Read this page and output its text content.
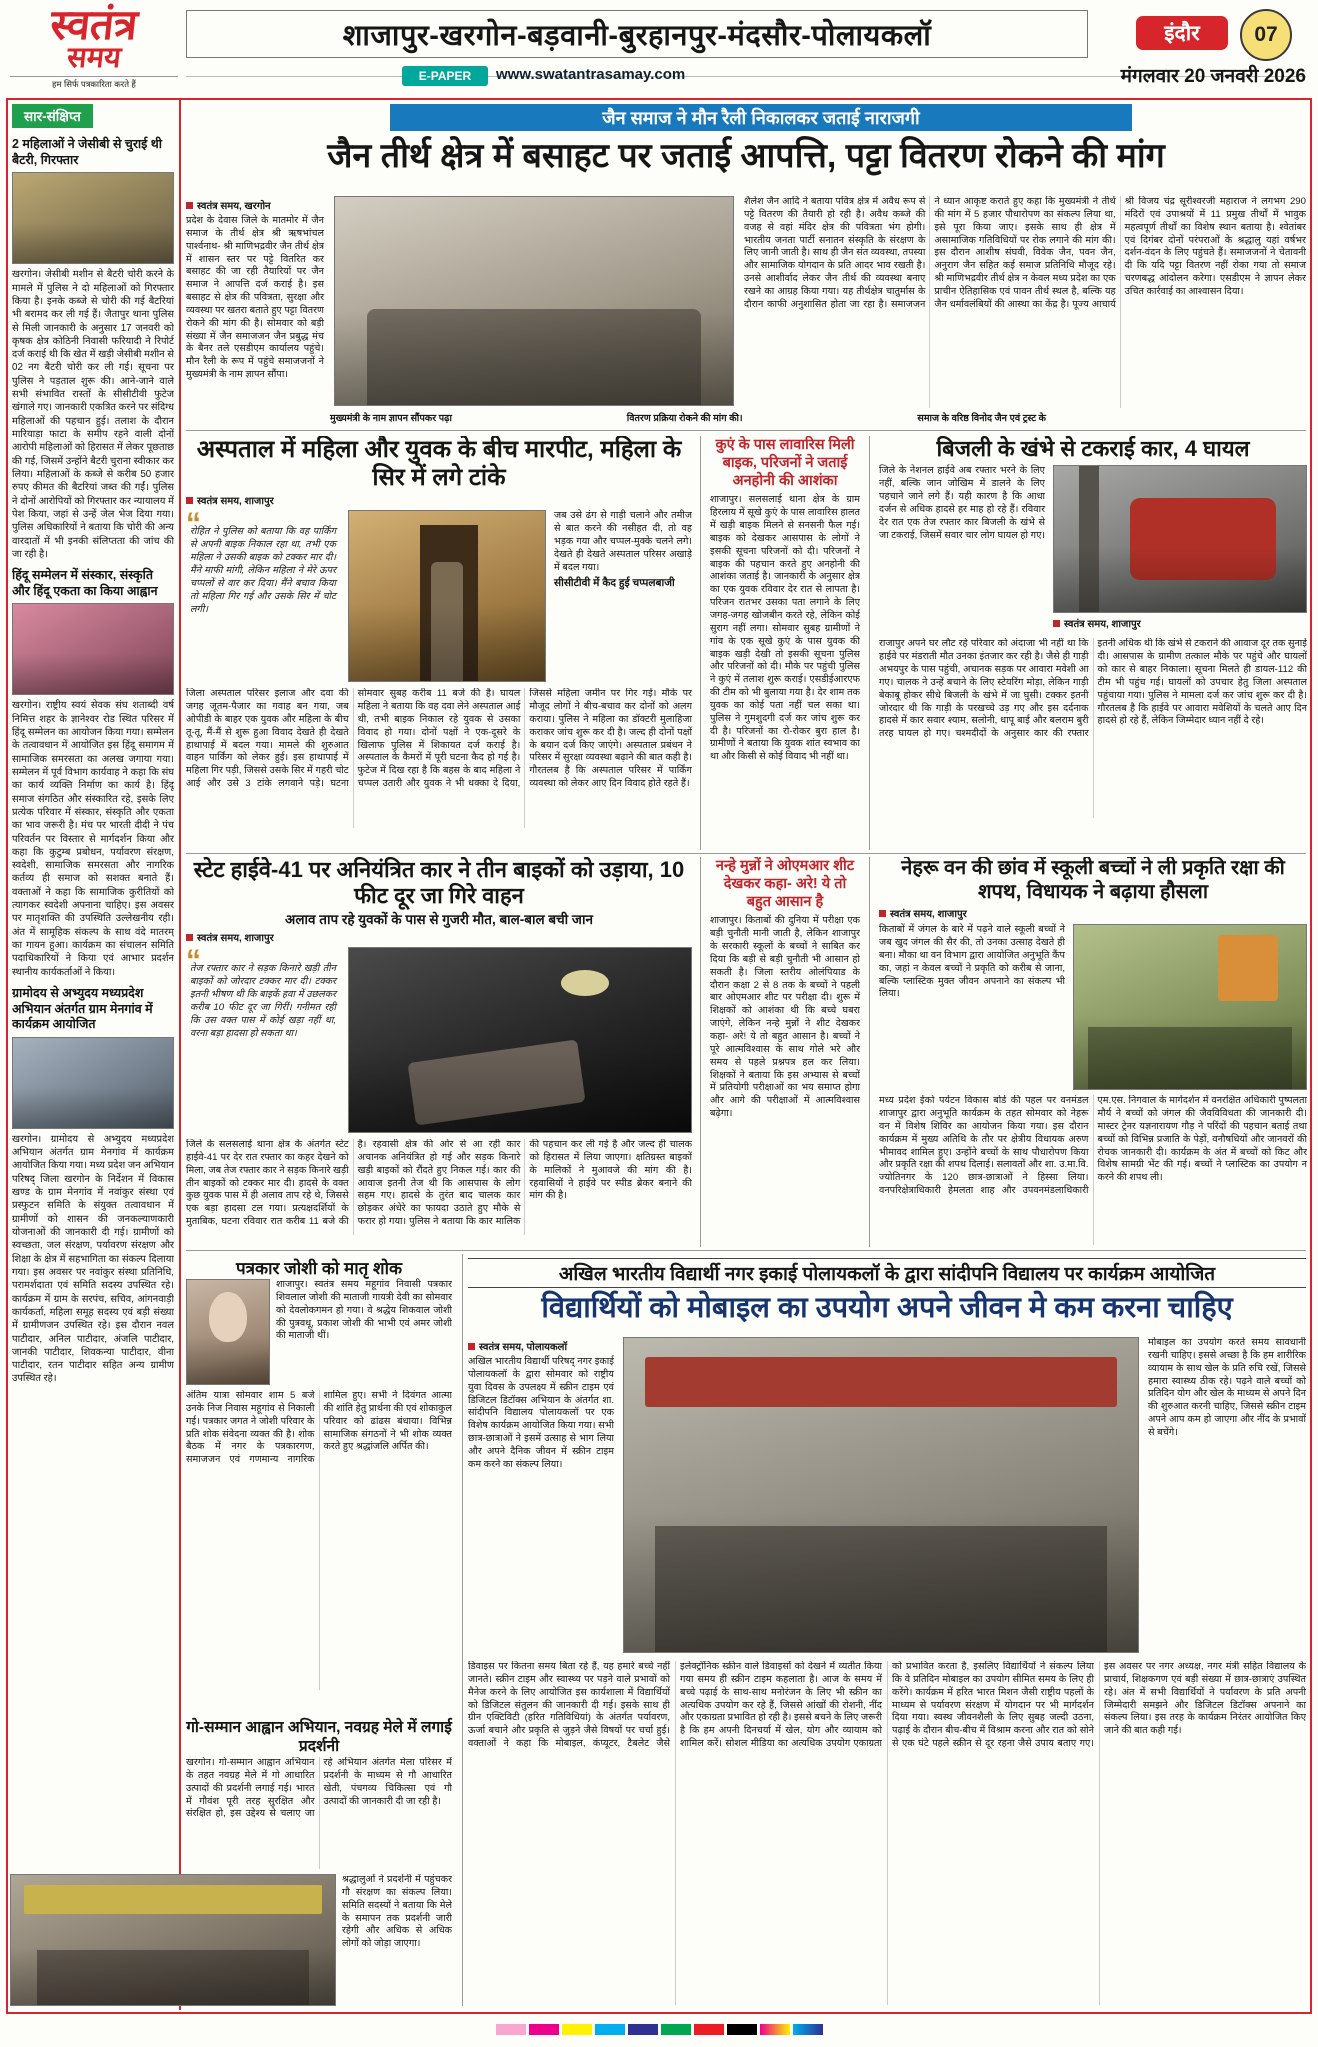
स्वतंत्र
समय
हम सिर्फ पत्रकारिता करते हैं
शाजापुर-खरगोन-बड़वानी-बुरहानपुर-मंदसौर-पोलायकलॉ	इंदौर	07
E-PAPER	www.swatantrasamay.com	मंगलवार 20 जनवरी 2026
सार-संक्षिप्त
2 महिलाओं ने जेसीबी से चुराई थी बैटरी, गिरफ्तार
खरगोन। जेसीबी मशीन से बैटरी चोरी करने के मामले में पुलिस ने दो महिलाओं को गिरफ्तार किया है। इनके कब्जे से चोरी की गई बैटरियां भी बरामद कर ली गई हैं। जैतापुर थाना पुलिस से मिली जानकारी के अनुसार 17 जनवरी को कृषक क्षेत्र कोठिनी निवासी फरियादी ने रिपोर्ट दर्ज कराई थी कि खेत में खड़ी जेसीबी मशीन से 02 नग बैटरी चोरी कर ली गई। सूचना पर पुलिस ने पड़ताल शुरू की। आने-जाने वाले सभी संभावित रास्तों के सीसीटीवी फुटेज खंगाले गए। जानकारी एकत्रित करने पर संदिग्ध महिलाओं की पहचान हुई। तलाश के दौरान मारियाड़ा फाटा के समीप रहने वाली दोनों आरोपी महिलाओं को हिरासत में लेकर पूछताछ की गई, जिसमें उन्होंने बैटरी चुराना स्वीकार कर लिया। महिलाओं के कब्जे से करीब 50 हजार रुपए कीमत की बैटरियां जब्त की गईं। पुलिस ने दोनों आरोपियों को गिरफ्तार कर न्यायालय में पेश किया, जहां से उन्हें जेल भेज दिया गया। पुलिस अधिकारियों ने बताया कि चोरी की अन्य वारदातों में भी इनकी संलिप्तता की जांच की जा रही है।
हिंदू सम्मेलन में संस्कार, संस्कृति और हिंदू एकता का किया आह्वान
खरगोन। राष्ट्रीय स्वयं सेवक संघ शताब्दी वर्ष निमित्त शहर के ज्ञानेश्वर रोड स्थित परिसर में हिंदू सम्मेलन का आयोजन किया गया। सम्मेलन के तत्वावधान में आयोजित इस हिंदू समागम में सामाजिक समरसता का अलख जगाया गया। सम्मेलन में पूर्व विभाग कार्यवाह ने कहा कि संघ का कार्य व्यक्ति निर्माण का कार्य है। हिंदू समाज संगठित और संस्कारित रहे, इसके लिए प्रत्येक परिवार में संस्कार, संस्कृति और एकता का भाव जरूरी है। मंच पर भारती दीदी ने पंच परिवर्तन पर विस्तार से मार्गदर्शन किया और कहा कि कुटुम्ब प्रबोधन, पर्यावरण संरक्षण, स्वदेशी, सामाजिक समरसता और नागरिक कर्तव्य ही समाज को सशक्त बनाते हैं। वक्ताओं ने कहा कि सामाजिक कुरीतियों को त्यागकर स्वदेशी अपनाना चाहिए। इस अवसर पर मातृशक्ति की उपस्थिति उल्लेखनीय रही। अंत में सामूहिक संकल्प के साथ वंदे मातरम् का गायन हुआ। कार्यक्रम का संचालन समिति पदाधिकारियों ने किया एवं आभार प्रदर्शन स्थानीय कार्यकर्ताओं ने किया।
ग्रामोदय से अभ्युदय मध्यप्रदेश अभियान अंतर्गत ग्राम मेनगांव में कार्यक्रम आयोजित
खरगोन। ग्रामोदय से अभ्युदय मध्यप्रदेश अभियान अंतर्गत ग्राम मेनगांव में कार्यक्रम आयोजित किया गया। मध्य प्रदेश जन अभियान परिषद् जिला खरगोन के निर्देशन में विकास खण्ड के ग्राम मेनगांव में नवांकुर संस्था एवं प्रस्फुटन समिति के संयुक्त तत्वावधान में ग्रामीणों को शासन की जनकल्याणकारी योजनाओं की जानकारी दी गई। ग्रामीणों को स्वच्छता, जल संरक्षण, पर्यावरण संरक्षण और शिक्षा के क्षेत्र में सहभागिता का संकल्प दिलाया गया। इस अवसर पर नवांकुर संस्था प्रतिनिधि, परामर्शदाता एवं समिति सदस्य उपस्थित रहे। कार्यक्रम में ग्राम के सरपंच, सचिव, आंगनवाड़ी कार्यकर्ता, महिला समूह सदस्य एवं बड़ी संख्या में ग्रामीणजन उपस्थित रहे। इस दौरान नवल पाटीदार, अनिल पाटीदार, अंजलि पाटीदार, जानकी पाटीदार, शिवकन्या पाटीदार, वीना पाटीदार, रतन पाटीदार सहित अन्य ग्रामीण उपस्थित रहे।
जैन समाज ने मौन रैली निकालकर जताई नाराजगी
जैन तीर्थ क्षेत्र में बसाहट पर जताई आपत्ति, पट्टा वितरण रोकने की मांग
स्वतंत्र समय, खरगोन
प्रदेश के देवास जिले के मातमोर में जैन समाज के तीर्थ क्षेत्र श्री ऋषभांचल पार्श्वनाथ- श्री माणिभद्रवीर जैन तीर्थ क्षेत्र में शासन स्तर पर पट्टे वितरित कर बसाहट की जा रही तैयारियों पर जैन समाज ने आपत्ति दर्ज कराई है। इस बसाहट से क्षेत्र की पवित्रता, सुरक्षा और व्यवस्था पर खतरा बताते हुए पट्टा वितरण रोकने की मांग की है। सोमवार को बड़ी संख्या में जैन समाजजन जैन प्रबुद्ध मंच के बैनर तले एसडीएम कार्यालय पहुंचे। मौन रैली के रूप में पहुंचे समाजजनों ने मुख्यमंत्री के नाम ज्ञापन सौंपा।
शैलेश जैन आदि ने बताया पवित्र क्षेत्र में अवैध रूप से पट्टे वितरण की तैयारी हो रही है। अवैध कब्जे की वजह से वहां मंदिर क्षेत्र की पवित्रता भंग होगी। भारतीय जनता पार्टी सनातन संस्कृति के संरक्षण के लिए जानी जाती है। साथ ही जैन संत व्यवस्था, तपस्या और सामाजिक योगदान के प्रति आदर भाव रखती है। उनसे आशीर्वाद लेकर जैन तीर्थ की व्यवस्था बनाए रखने का आग्रह किया गया। यह तीर्थक्षेत्र चातुर्मास के दौरान काफी अनुशासित होता जा रहा है। समाजजन ने ध्यान आकृष्ट कराते हुए कहा कि मुख्यमंत्री ने तीर्थ की मांग में 5 हजार पौधारोपण का संकल्प लिया था, इसे पूरा किया जाए। इसके साथ ही क्षेत्र में असामाजिक गतिविधियों पर रोक लगाने की मांग की। इस दौरान आशीष संघवी, विवेक जैन, पवन जैन, अनुराग जैन सहित कई समाज प्रतिनिधि मौजूद रहे। श्री माणिभद्रवीर तीर्थ क्षेत्र न केवल मध्य प्रदेश का एक प्राचीन ऐतिहासिक एवं पावन तीर्थ स्थल है, बल्कि यह जैन धर्मावलंबियों की आस्था का केंद्र है। पूज्य आचार्य श्री विजय चंद्र सूरीश्वरजी महाराज ने लगभग 290 मंदिरों एवं उपाश्रयों में 11 प्रमुख तीर्थों में भावुक महत्वपूर्ण तीर्थों का विशेष स्थान बताया है। श्वेतांबर एवं दिगंबर दोनों परंपराओं के श्रद्धालु यहां वर्षभर दर्शन-वंदन के लिए पहुंचते हैं। समाजजनों ने चेतावनी दी कि यदि पट्टा वितरण नहीं रोका गया तो समाज चरणबद्ध आंदोलन करेगा। एसडीएम ने ज्ञापन लेकर उचित कार्रवाई का आश्वासन दिया।
मुख्यमंत्री के नाम ज्ञापन सौंपकर पढ़ा	वितरण प्रक्रिया रोकने की मांग की।	समाज के वरिष्ठ विनोद जैन एवं ट्रस्ट के
अस्पताल में महिला और युवक के बीच मारपीट, महिला के सिर में लगे टांके
स्वतंत्र समय, शाजापुर
“ रोहित ने पुलिस को बताया कि वह पार्किंग से अपनी बाइक निकाल रहा था, तभी एक महिला ने उसकी बाइक को टक्कर मार दी। मैंने माफी मांगी, लेकिन महिला ने मेरे ऊपर चप्पलों से वार कर दिया। मैंने बचाव किया तो महिला गिर गई और उसके सिर में चोट लगी।
जब उसे ढंग से गाड़ी चलाने और तमीज से बात करने की नसीहत दी, तो वह भड़क गया और चप्पल-मुक्के चलने लगे। देखते ही देखते अस्पताल परिसर अखाड़े में बदल गया।
सीसीटीवी में कैद हुई चप्पलबाजी
जिला अस्पताल परिसर इलाज और दवा की जगह जूतम-पैजार का गवाह बन गया, जब ओपीडी के बाहर एक युवक और महिला के बीच तू-तू, मैं-मैं से शुरू हुआ विवाद देखते ही देखते हाथापाई में बदल गया। मामले की शुरुआत वाहन पार्किंग को लेकर हुई। इस हाथापाई में महिला गिर पड़ी, जिससे उसके सिर में गहरी चोट आई और उसे 3 टांके लगवाने पड़े। घटना सोमवार सुबह करीब 11 बजे की है। घायल महिला ने बताया कि वह दवा लेने अस्पताल आई थी, तभी बाइक निकाल रहे युवक से उसका विवाद हो गया। दोनों पक्षों ने एक-दूसरे के खिलाफ पुलिस में शिकायत दर्ज कराई है। अस्पताल के कैमरों में पूरी घटना कैद हो गई है। फुटेज में दिख रहा है कि बहस के बाद महिला ने चप्पल उतारी और युवक ने भी धक्का दे दिया, जिससे महिला जमीन पर गिर गई। मौके पर मौजूद लोगों ने बीच-बचाव कर दोनों को अलग कराया। पुलिस ने महिला का डॉक्टरी मुलाहिजा कराकर जांच शुरू कर दी है। जल्द ही दोनों पक्षों के बयान दर्ज किए जाएंगे। अस्पताल प्रबंधन ने परिसर में सुरक्षा व्यवस्था बढ़ाने की बात कही है। गौरतलब है कि अस्पताल परिसर में पार्किंग व्यवस्था को लेकर आए दिन विवाद होते रहते हैं।
कुएं के पास लावारिस मिली बाइक, परिजनों ने जताई अनहोनी की आशंका
शाजापुर। सलसलाई थाना क्षेत्र के ग्राम हिरलाय में सूखे कुएं के पास लावारिस हालत में खड़ी बाइक मिलने से सनसनी फैल गई। बाइक को देखकर आसपास के लोगों ने इसकी सूचना परिजनों को दी। परिजनों ने बाइक की पहचान करते हुए अनहोनी की आशंका जताई है। जानकारी के अनुसार क्षेत्र का एक युवक रविवार देर रात से लापता है। परिजन रातभर उसका पता लगाने के लिए जगह-जगह खोजबीन करते रहे, लेकिन कोई सुराग नहीं लगा। सोमवार सुबह ग्रामीणों ने गांव के एक सूखे कुएं के पास युवक की बाइक खड़ी देखी तो इसकी सूचना पुलिस और परिजनों को दी। मौके पर पहुंची पुलिस ने कुएं में तलाश शुरू कराई। एसडीईआरएफ की टीम को भी बुलाया गया है। देर शाम तक युवक का कोई पता नहीं चल सका था। पुलिस ने गुमशुदगी दर्ज कर जांच शुरू कर दी है। परिजनों का रो-रोकर बुरा हाल है। ग्रामीणों ने बताया कि युवक शांत स्वभाव का था और किसी से कोई विवाद भी नहीं था।
बिजली के खंभे से टकराई कार, 4 घायल
जिले के नेशनल हाईवे अब रफ्तार भरने के लिए नहीं, बल्कि जान जोखिम में डालने के लिए पहचाने जाने लगे हैं। यही कारण है कि आधा दर्जन से अधिक हादसे हर माह हो रहे हैं। रविवार देर रात एक तेज रफ्तार कार बिजली के खंभे से जा टकराई, जिसमें सवार चार लोग घायल हो गए।
स्वतंत्र समय, शाजापुर
राजापुर अपने घर लौट रहे परिवार को अंदाजा भी नहीं था कि हाईवे पर मंडराती मौत उनका इंतजार कर रही है। जैसे ही गाड़ी अभयपुर के पास पहुंची, अचानक सड़क पर आवारा मवेशी आ गए। चालक ने उन्हें बचाने के लिए स्टेयरिंग मोड़ा, लेकिन गाड़ी बेकाबू होकर सीधे बिजली के खंभे में जा घुसी। टक्कर इतनी जोरदार थी कि गाड़ी के परखच्चे उड़ गए और इस दर्दनाक हादसे में कार सवार श्याम, सलोनी, धापू बाई और बलराम बुरी तरह घायल हो गए। चश्मदीदों के अनुसार कार की रफ्तार इतनी अधिक थी कि खंभे से टकराने की आवाज दूर तक सुनाई दी। आसपास के ग्रामीण तत्काल मौके पर पहुंचे और घायलों को कार से बाहर निकाला। सूचना मिलते ही डायल-112 की टीम भी पहुंच गई। घायलों को उपचार हेतु जिला अस्पताल पहुंचाया गया। पुलिस ने मामला दर्ज कर जांच शुरू कर दी है। गौरतलब है कि हाईवे पर आवारा मवेशियों के चलते आए दिन हादसे हो रहे हैं, लेकिन जिम्मेदार ध्यान नहीं दे रहे।
स्टेट हाईवे-41 पर अनियंत्रित कार ने तीन बाइकों को उड़ाया, 10 फीट दूर जा गिरे वाहन
अलाव ताप रहे युवकों के पास से गुजरी मौत, बाल-बाल बची जान
स्वतंत्र समय, शाजापुर
“ तेज रफ्तार कार ने सड़क किनारे खड़ी तीन बाइकों को जोरदार टक्कर मार दी। टक्कर इतनी भीषण थी कि बाइकें हवा में उछलकर करीब 10 फीट दूर जा गिरीं। गनीमत रही कि उस वक्त पास में कोई खड़ा नहीं था, वरना बड़ा हादसा हो सकता था।
जिले के सलसलाई थाना क्षेत्र के अंतर्गत स्टेट हाईवे-41 पर देर रात रफ्तार का कहर देखने को मिला, जब तेज रफ्तार कार ने सड़क किनारे खड़ी तीन बाइकों को टक्कर मार दी। हादसे के वक्त कुछ युवक पास में ही अलाव ताप रहे थे, जिससे एक बड़ा हादसा टल गया। प्रत्यक्षदर्शियों के मुताबिक, घटना रविवार रात करीब 11 बजे की है। रहवासी क्षेत्र की ओर से आ रही कार अचानक अनियंत्रित हो गई और सड़क किनारे खड़ी बाइकों को रौंदते हुए निकल गई। कार की आवाज इतनी तेज थी कि आसपास के लोग सहम गए। हादसे के तुरंत बाद चालक कार छोड़कर अंधेरे का फायदा उठाते हुए मौके से फरार हो गया। पुलिस ने बताया कि कार मालिक की पहचान कर ली गई है और जल्द ही चालक को हिरासत में लिया जाएगा। क्षतिग्रस्त बाइकों के मालिकों ने मुआवजे की मांग की है। रहवासियों ने हाईवे पर स्पीड ब्रेकर बनाने की मांग की है।
नन्हे मुन्नों ने ओएमआर शीट देखकर कहा- अरे! ये तो बहुत आसान है
शाजापुर। किताबों की दुनिया में परीक्षा एक बड़ी चुनौती मानी जाती है, लेकिन शाजापुर के सरकारी स्कूलों के बच्चों ने साबित कर दिया कि बड़ी से बड़ी चुनौती भी आसान हो सकती है। जिला स्तरीय ओलंपियाड के दौरान कक्षा 2 से 8 तक के बच्चों ने पहली बार ओएमआर शीट पर परीक्षा दी। शुरू में शिक्षकों को आशंका थी कि बच्चे घबरा जाएंगे, लेकिन नन्हे मुन्नों ने शीट देखकर कहा- अरे! ये तो बहुत आसान है। बच्चों ने पूरे आत्मविश्वास के साथ गोले भरे और समय से पहले प्रश्नपत्र हल कर लिया। शिक्षकों ने बताया कि इस अभ्यास से बच्चों में प्रतियोगी परीक्षाओं का भय समाप्त होगा और आगे की परीक्षाओं में आत्मविश्वास बढ़ेगा।
नेहरू वन की छांव में स्कूली बच्चों ने ली प्रकृति रक्षा की शपथ, विधायक ने बढ़ाया हौसला
स्वतंत्र समय, शाजापुर
किताबों में जंगल के बारे में पढ़ने वाले स्कूली बच्चों ने जब खुद जंगल की सैर की, तो उनका उत्साह देखते ही बना। मौका था वन विभाग द्वारा आयोजित अनुभूति कैंप का, जहां न केवल बच्चों ने प्रकृति को करीब से जाना, बल्कि प्लास्टिक मुक्त जीवन अपनाने का संकल्प भी लिया।
मध्य प्रदेश ईको पर्यटन विकास बोर्ड की पहल पर वनमंडल शाजापुर द्वारा अनुभूति कार्यक्रम के तहत सोमवार को नेहरू वन में विशेष शिविर का आयोजन किया गया। इस दौरान कार्यक्रम में मुख्य अतिथि के तौर पर क्षेत्रीय विधायक अरुण भीमावद शामिल हुए। उन्होंने बच्चों के साथ पौधारोपण किया और प्रकृति रक्षा की शपथ दिलाई। सलावतों और शा. उ.मा.वि. ज्योतिनगर के 120 छात्र-छात्राओं ने हिस्सा लिया। वनपरिक्षेत्राधिकारी हेमलता शाह और उपवनमंडलाधिकारी एम.एस. निगवाल के मार्गदर्शन में वनरक्षित अधिकारी पुष्पलता मौर्य ने बच्चों को जंगल की जैवविविधता की जानकारी दी। मास्टर ट्रेनर यज्ञनारायण गौड़ ने परिंदों की पहचान बताई तथा बच्चों को विभिन्न प्रजाति के पेड़ों, वनौषधियों और जानवरों की रोचक जानकारी दी। कार्यक्रम के अंत में बच्चों को किट और विशेष सामग्री भेंट की गई। बच्चों ने प्लास्टिक का उपयोग न करने की शपथ ली।
पत्रकार जोशी को मातृ शोक
शाजापुर। स्वतंत्र समय महूगांव निवासी पत्रकार शिवलाल जोशी की माताजी गायत्री देवी का सोमवार को देवलोकगमन हो गया। वे श्रद्धेय शिकवाल जोशी की पुत्रवधू, प्रकाश जोशी की भाभी एवं अमर जोशी की माताजी थीं।
अंतिम यात्रा सोमवार शाम 5 बजे उनके निज निवास महूगांव से निकाली गई। पत्रकार जगत ने जोशी परिवार के प्रति शोक संवेदना व्यक्त की है। शोक बैठक में नगर के पत्रकारगण, समाजजन एवं गणमान्य नागरिक शामिल हुए। सभी ने दिवंगत आत्मा की शांति हेतु प्रार्थना की एवं शोकाकुल परिवार को ढांढस बंधाया। विभिन्न सामाजिक संगठनों ने भी शोक व्यक्त करते हुए श्रद्धांजलि अर्पित की।
अखिल भारतीय विद्यार्थी नगर इकाई पोलायकलॉ के द्वारा सांदीपनि विद्यालय पर कार्यक्रम आयोजित
विद्यार्थियों को मोबाइल का उपयोग अपने जीवन मे कम करना चाहिए
स्वतंत्र समय, पोलायकलॉ
अखिल भारतीय विद्यार्थी परिषद् नगर इकाई पोलायकलॉ के द्वारा सोमवार को राष्ट्रीय युवा दिवस के उपलक्ष्य में स्क्रीन टाइम एवं डिजिटल डिटॉक्स अभियान के अंतर्गत शा. सांदीपनि विद्यालय पोलायकलॉ पर एक विशेष कार्यक्रम आयोजित किया गया। सभी छात्र-छात्राओं ने इसमें उत्साह से भाग लिया और अपने दैनिक जीवन में स्क्रीन टाइम कम करने का संकल्प लिया।
मोबाइल का उपयोग करते समय सावधानी रखनी चाहिए। इससे अच्छा है कि हम शारीरिक व्यायाम के साथ खेल के प्रति रुचि रखें, जिससे हमारा स्वास्थ्य ठीक रहे। पढ़ने वाले बच्चों को प्रतिदिन योग और खेल के माध्यम से अपने दिन की शुरुआत करनी चाहिए, जिससे स्क्रीन टाइम अपने आप कम हो जाएगा और नींद के प्रभावों से बचेंगे।
डिवाइस पर कितना समय बिता रहे हैं, यह हमारे बच्चे नहीं जानते। स्क्रीन टाइम और स्वास्थ्य पर पड़ने वाले प्रभावों को मैनेज करने के लिए आयोजित इस कार्यशाला में विद्यार्थियों को डिजिटल संतुलन की जानकारी दी गई। इसके साथ ही ग्रीन एक्टिविटी (हरित गतिविधियां) के अंतर्गत पर्यावरण, ऊर्जा बचाने और प्रकृति से जुड़ने जैसे विषयों पर चर्चा हुई। वक्ताओं ने कहा कि मोबाइल, कंप्यूटर, टैबलेट जैसे इलेक्ट्रॉनिक स्क्रीन वाले डिवाइसों को देखने में व्यतीत किया गया समय ही स्क्रीन टाइम कहलाता है। आज के समय में बच्चे पढ़ाई के साथ-साथ मनोरंजन के लिए भी स्क्रीन का अत्यधिक उपयोग कर रहे हैं, जिससे आंखों की रोशनी, नींद और एकाग्रता प्रभावित हो रही है। इससे बचने के लिए जरूरी है कि हम अपनी दिनचर्या में खेल, योग और व्यायाम को शामिल करें। सोशल मीडिया का अत्यधिक उपयोग एकाग्रता को प्रभावित करता है, इसलिए विद्यार्थियों ने संकल्प लिया कि वे प्रतिदिन मोबाइल का उपयोग सीमित समय के लिए ही करेंगे। कार्यक्रम में हरित भारत मिशन जैसी राष्ट्रीय पहलों के माध्यम से पर्यावरण संरक्षण में योगदान पर भी मार्गदर्शन दिया गया। स्वस्थ जीवनशैली के लिए सुबह जल्दी उठना, पढ़ाई के दौरान बीच-बीच में विश्राम करना और रात को सोने से एक घंटे पहले स्क्रीन से दूर रहना जैसे उपाय बताए गए। इस अवसर पर नगर अध्यक्ष, नगर मंत्री सहित विद्यालय के प्राचार्य, शिक्षकगण एवं बड़ी संख्या में छात्र-छात्राएं उपस्थित रहे। अंत में सभी विद्यार्थियों ने पर्यावरण के प्रति अपनी जिम्मेदारी समझने और डिजिटल डिटॉक्स अपनाने का संकल्प लिया। इस तरह के कार्यक्रम निरंतर आयोजित किए जाने की बात कही गई।
गो-सम्मान आह्वान अभियान, नवग्रह मेले में लगाई प्रदर्शनी
खरगोन। गो-सम्मान आह्वान अभियान के तहत नवग्रह मेले में गो आधारित उत्पादों की प्रदर्शनी लगाई गई। भारत में गौवंश पूरी तरह सुरक्षित और संरक्षित हो, इस उद्देश्य से चलाए जा रहे अभियान अंतर्गत मेला परिसर में प्रदर्शनी के माध्यम से गौ आधारित खेती, पंचगव्य चिकित्सा एवं गौ उत्पादों की जानकारी दी जा रही है।
श्रद्धालुओं ने प्रदर्शनी में पहुंचकर गौ संरक्षण का संकल्प लिया। समिति सदस्यों ने बताया कि मेले के समापन तक प्रदर्शनी जारी रहेगी और अधिक से अधिक लोगों को जोड़ा जाएगा।
